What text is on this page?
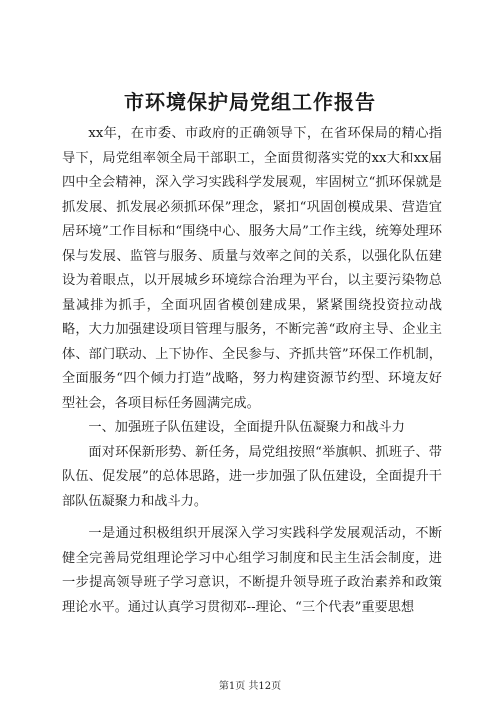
市环境保护局党组工作报告

xx年，在市委、市政府的正确领导下，在省环保局的精心指导下，局党组率领全局干部职工，全面贯彻落实党的xx大和xx届四中全会精神，深入学习实践科学发展观，牢固树立“抓环保就是抓发展、抓发展必须抓环保”理念，紧扣“巩固创模成果、营造宜居环境”工作目标和“围绕中心、服务大局”工作主线，统筹处理环保与发展、监管与服务、质量与效率之间的关系，以强化队伍建设为着眼点，以开展城乡环境综合治理为平台，以主要污染物总量减排为抓手，全面巩固省模创建成果，紧紧围绕投资拉动战略，大力加强建设项目管理与服务，不断完善“政府主导、企业主体、部门联动、上下协作、全民参与、齐抓共管”环保工作机制，全面服务“四个倾力打造”战略，努力构建资源节约型、环境友好型社会，各项目标任务圆满完成。

一、加强班子队伍建设，全面提升队伍凝聚力和战斗力

面对环保新形势、新任务，局党组按照“举旗帜、抓班子、带队伍、促发展”的总体思路，进一步加强了队伍建设，全面提升干部队伍凝聚力和战斗力。

一是通过积极组织开展深入学习实践科学发展观活动，不断健全完善局党组理论学习中心组学习制度和民主生活会制度，进一步提高领导班子学习意识，不断提升领导班子政治素养和政策理论水平。通过认真学习贯彻邓--理论、“三个代表”重要思想

第1页 共12页
